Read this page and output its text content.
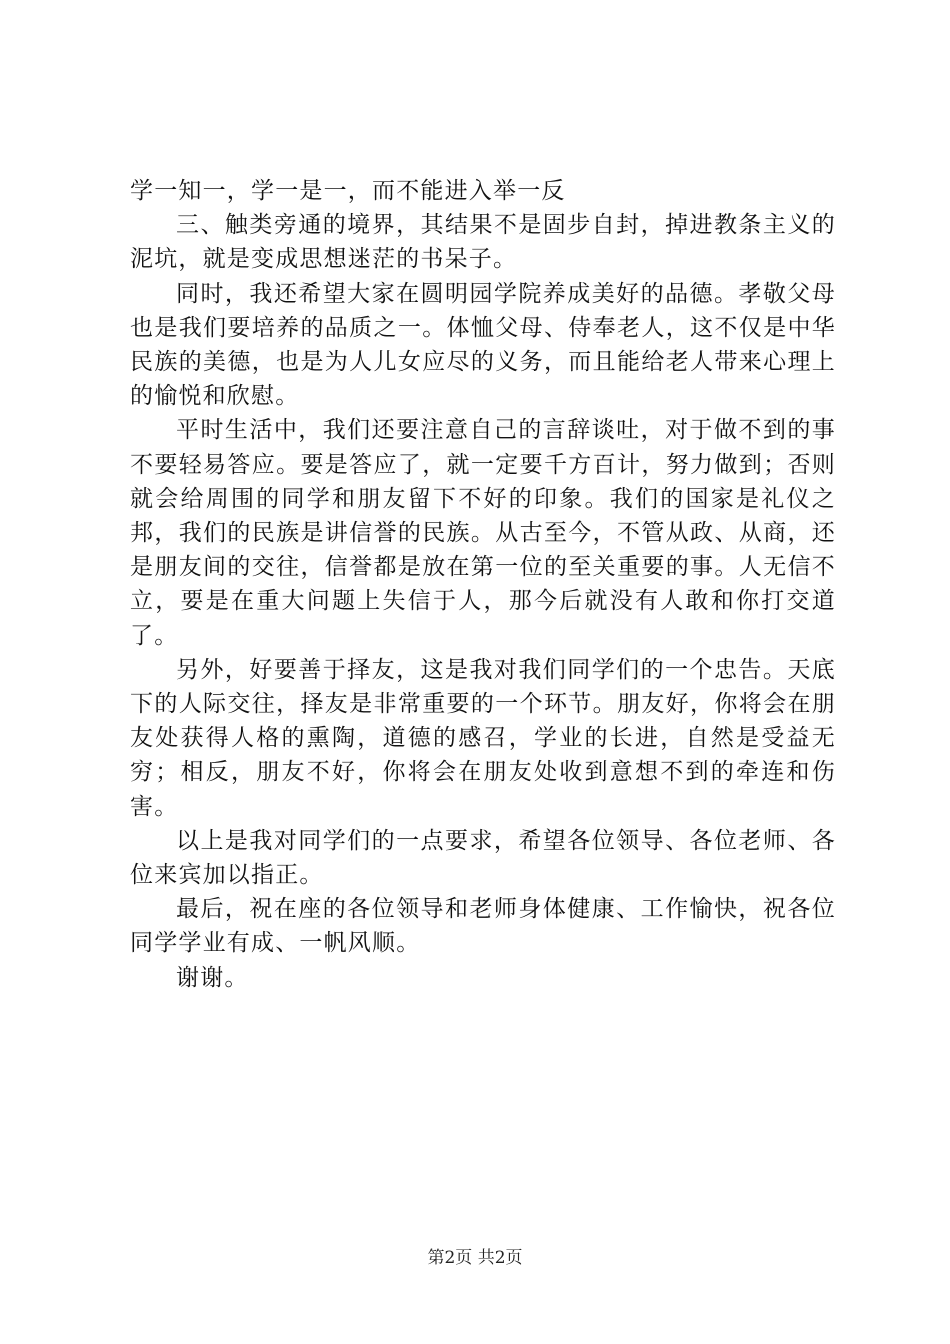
学一知一，学一是一，而不能进入举一反

三、触类旁通的境界，其结果不是固步自封，掉进教条主义的泥坑，就是变成思想迷茫的书呆子。

同时，我还希望大家在圆明园学院养成美好的品德。孝敬父母也是我们要培养的品质之一。体恤父母、侍奉老人，这不仅是中华民族的美德，也是为人儿女应尽的义务，而且能给老人带来心理上的愉悦和欣慰。

平时生活中，我们还要注意自己的言辞谈吐，对于做不到的事不要轻易答应。要是答应了，就一定要千方百计，努力做到；否则就会给周围的同学和朋友留下不好的印象。我们的国家是礼仪之邦，我们的民族是讲信誉的民族。从古至今，不管从政、从商，还是朋友间的交往，信誉都是放在第一位的至关重要的事。人无信不立，要是在重大问题上失信于人，那今后就没有人敢和你打交道了。

另外，好要善于择友，这是我对我们同学们的一个忠告。天底下的人际交往，择友是非常重要的一个环节。朋友好，你将会在朋友处获得人格的熏陶，道德的感召，学业的长进，自然是受益无穷；相反，朋友不好，你将会在朋友处收到意想不到的牵连和伤害。

以上是我对同学们的一点要求，希望各位领导、各位老师、各位来宾加以指正。

最后，祝在座的各位领导和老师身体健康、工作愉快，祝各位同学学业有成、一帆风顺。

谢谢。

第2页 共2页
